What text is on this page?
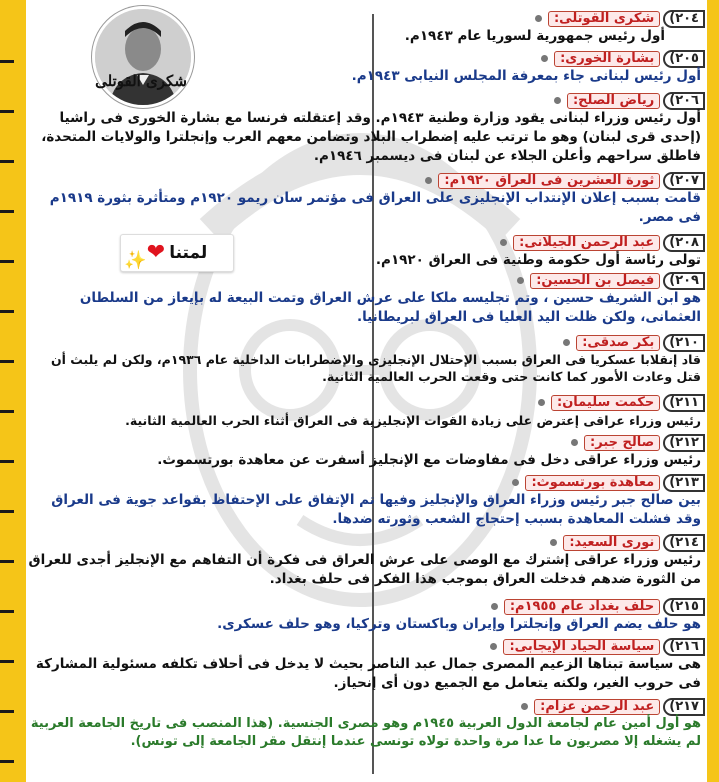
شكرى القوتلى
❤ لمتنا
✨
٢٠٤)
شكرى القوتلى:
أول رئيس جمهورية لسوريا عام ١٩٤٣م.
٢٠٥)
بشارة الخورى:
أول رئيس لبنانى جاء بمعرفة المجلس النيابى ١٩٤٣م.
٢٠٦)
رياض الصلح:
أول رئيس وزراء لبنانى يقود وزارة وطنية ١٩٤٣م. وقد إعتقلته فرنسا مع بشارة الخورى فى راشيا (إحدى قرى لبنان) وهو ما ترتب عليه إضطراب البلاد وتضامن معهم العرب وإنجلترا والولايات المتحدة، فاطلق سراحهم وأعلن الجلاء عن لبنان فى ديسمبر ١٩٤٦م.
٢٠٧)
ثورة العشرين فى العراق ١٩٢٠م:
قامت بسبب إعلان الإنتداب الإنجليزى على العراق فى مؤتمر سان ريمو ١٩٢٠م ومتأثرة بثورة ١٩١٩م فى مصر.
٢٠٨)
عبد الرحمن الجيلانى:
تولى رئاسة أول حكومة وطنية فى العراق ١٩٢٠م.
٢٠٩)
فيصل بن الحسين:
هو ابن الشريف حسين ، وتم تجليسه ملكا على عرش العراق وتمت البيعة له بإيعاز من السلطان العثمانى، ولكن ظلت اليد العليا فى العراق لبريطانيا.
٢١٠)
بكر صدقى:
قاد إنقلابا عسكريا فى العراق بسبب الإحتلال الإنجليزى والإضطرابات الداخلية عام ١٩٣٦م، ولكن لم يلبث أن قتل وعادت الأمور كما كانت حتى وقعت الحرب العالمية الثانية.
٢١١)
حكمت سليمان:
رئيس وزراء عراقى إعترض على زيادة القوات الإنجليزية فى العراق أثناء الحرب العالمية الثانية.
٢١٢)
صالح جبر:
رئيس وزراء عراقى دخل فى مفاوضات مع الإنجليز أسفرت عن معاهدة بورتسموث.
٢١٣)
معاهدة بورتسموث:
بين صالح جبر رئيس وزراء العراق والإنجليز وفيها تم الإتفاق على الإحتفاظ بقواعد جوية فى العراق وقد فشلت المعاهدة بسبب إحتجاج الشعب وثورته ضدها.
٢١٤)
نورى السعيد:
رئيس وزراء عراقى إشترك مع الوصى على عرش العراق فى فكرة أن التفاهم مع الإنجليز أجدى للعراق من الثورة ضدهم فدخلت العراق بموجب هذا الفكر فى حلف بغداد.
٢١٥)
حلف بغداد عام ١٩٥٥م:
هو حلف يضم العراق وإنجلترا وإيران وباكستان وتركيا، وهو حلف عسكرى.
٢١٦)
سياسة الحياد الإيجابى:
هى سياسة تبناها الزعيم المصرى جمال عبد الناصر بحيث لا يدخل فى أحلاف تكلفه مسئولية المشاركة فى حروب الغير، ولكنه يتعامل مع الجميع دون أى إنحياز.
٢١٧)
عبد الرحمن عزام:
هو أول أمين عام لجامعة الدول العربية ١٩٤٥م وهو مصرى الجنسية. (هذا المنصب فى تاريخ الجامعة العربية لم يشغله إلا مصريون ما عدا مرة واحدة تولاه تونسى عندما إنتقل مقر الجامعة إلى تونس).
